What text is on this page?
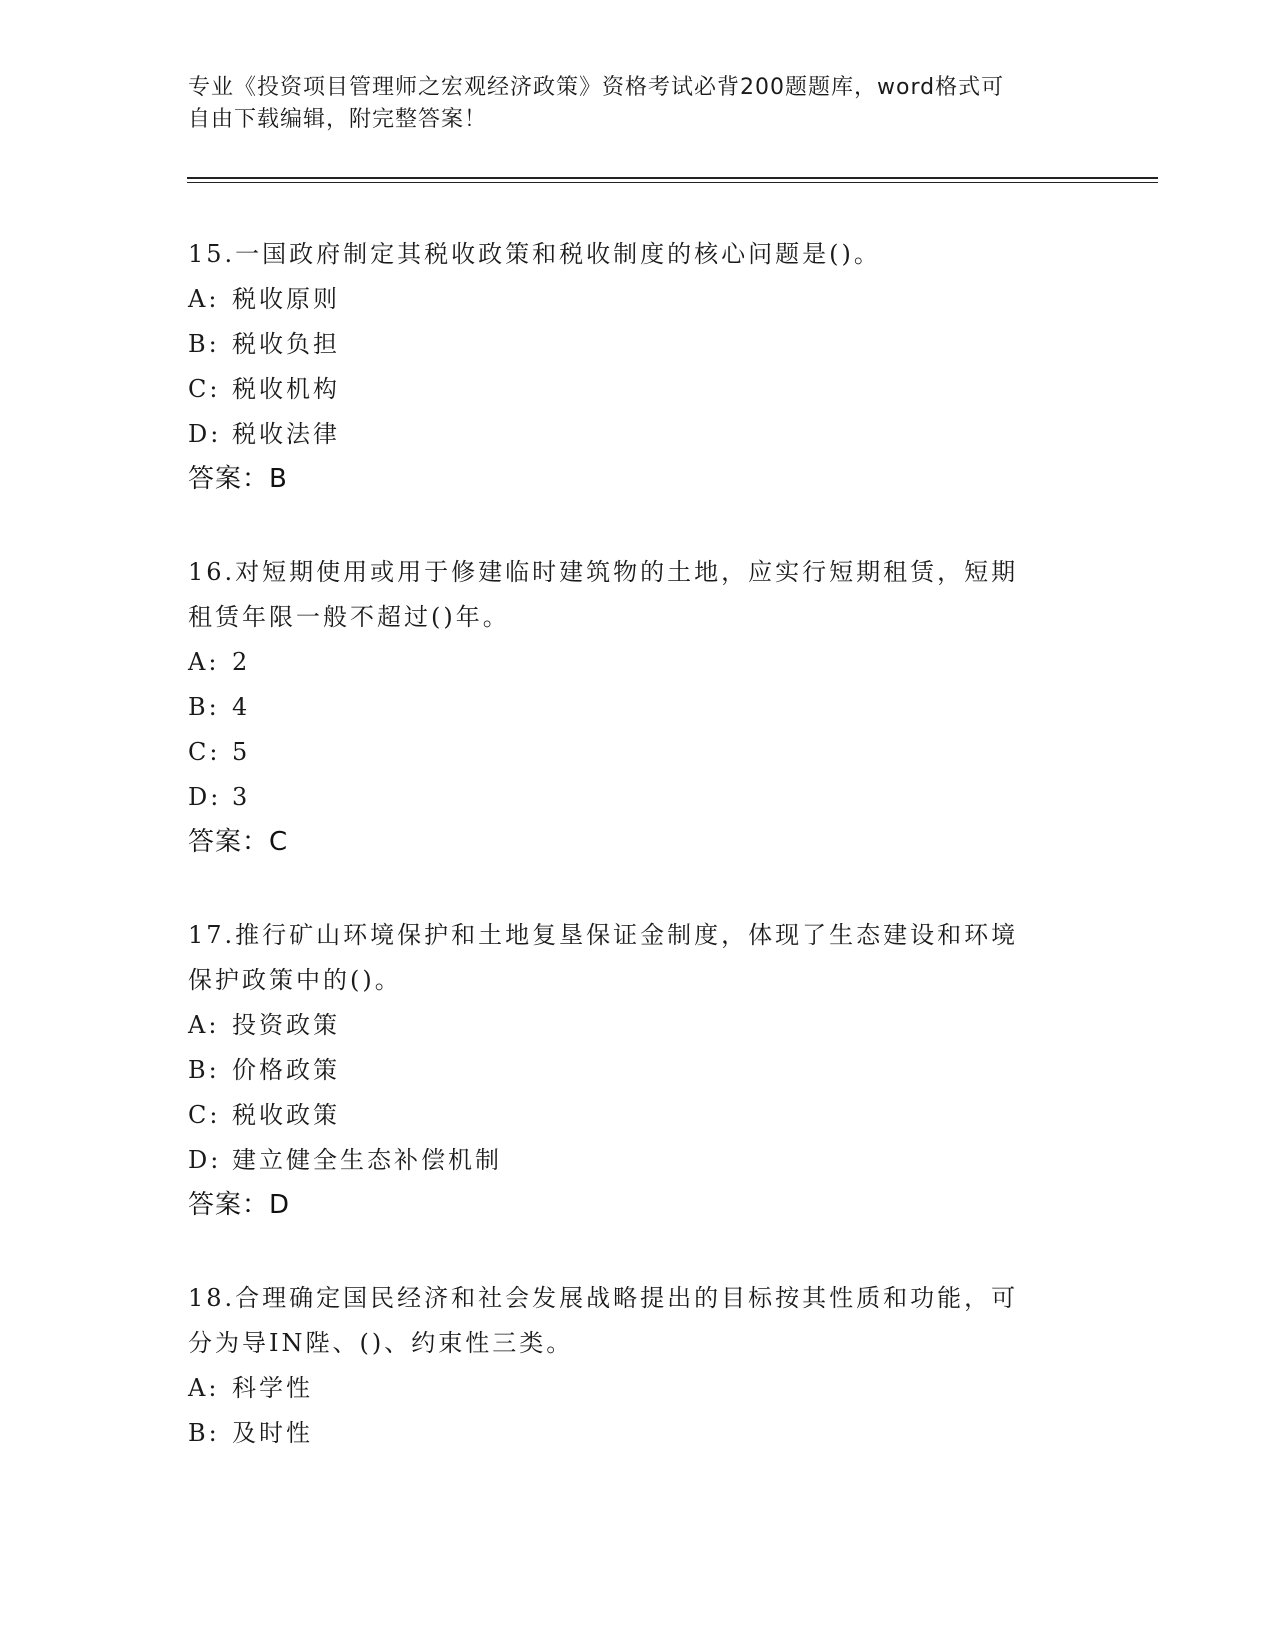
专业《投资项目管理师之宏观经济政策》资格考试必背200题题库，word格式可
自由下载编辑，附完整答案！
15.一国政府制定其税收政策和税收制度的核心问题是()。
A: 税收原则
B: 税收负担
C: 税收机构
D: 税收法律
答案：B
16.对短期使用或用于修建临时建筑物的土地，应实行短期租赁，短期
租赁年限一般不超过()年。
A: 2
B: 4
C: 5
D: 3
答案：C
17.推行矿山环境保护和土地复垦保证金制度，体现了生态建设和环境
保护政策中的()。
A: 投资政策
B: 价格政策
C: 税收政策
D: 建立健全生态补偿机制
答案：D
18.合理确定国民经济和社会发展战略提出的目标按其性质和功能，可
分为导IN陛、()、约束性三类。
A: 科学性
B: 及时性
